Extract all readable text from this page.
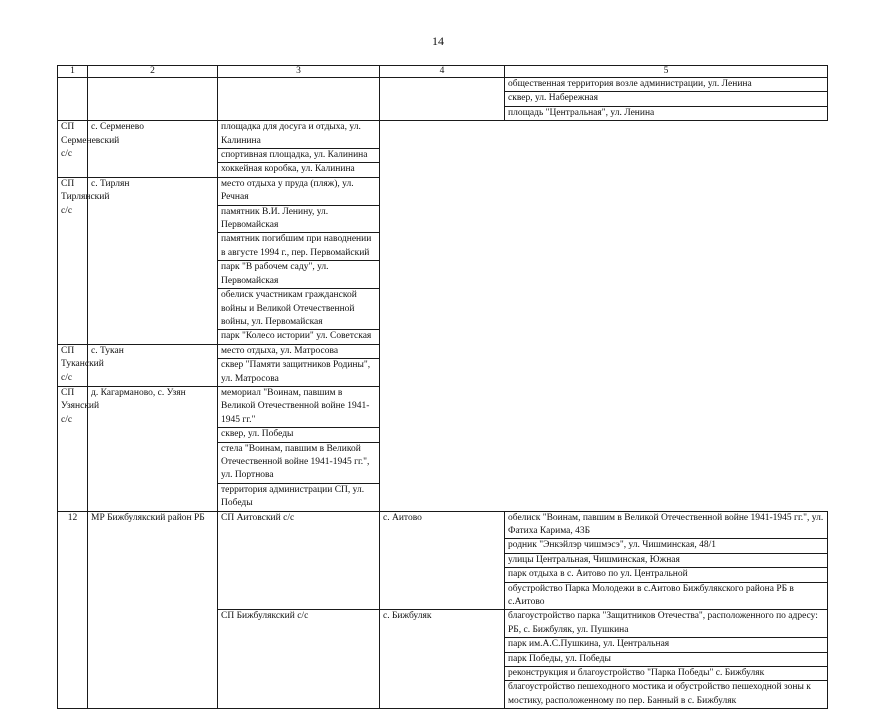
14
1	2	3	4	5
				общественная территория возле администрации, ул. Ленина
				сквер, ул. Набережная
				площадь "Центральная", ул. Ленина
СП Серменевский с/с	с. Серменево	площадка для досуга и отдыха, ул. Калинина		
		спортивная площадка, ул. Калинина		
		хоккейная коробка, ул. Калинина		
СП Тирлянский с/с	с. Тирлян	место отдыха у пруда (пляж), ул. Речная		
		памятник В.И. Ленину, ул. Первомайская		
		памятник погибшим при наводнении в августе 1994 г., пер. Первомайский		
		парк "В рабочем саду", ул. Первомайская		
		обелиск участникам гражданской войны и Великой Отечественной войны, ул. Первомайская		
		парк "Колесо истории" ул. Советская		
СП Туканский с/с	с. Тукан	место отдыха, ул. Матросова		
		сквер "Памяти защитников Родины", ул. Матросова		
СП Узянский с/с	д. Кагарманово, с. Узян	мемориал "Воинам, павшим в Великой Отечественной войне 1941-1945 гг."		
		сквер, ул. Победы		
		стела "Воинам, павшим в Великой Отечественной войне 1941-1945 гг.", ул. Портнова		
		территория администрации СП, ул. Победы		
12	МР Бижбулякский район РБ	СП Аитовский с/с	с. Аитово	обелиск "Воинам, павшим в Великой Отечественной войне 1941-1945 гг.", ул. Фатиха Карима, 43Б
				родник "Энкэйлэр чишмэсэ", ул. Чишминская, 48/1
				улицы Центральная, Чишминская, Южная
				парк отдыха в с. Аитово по ул. Центральной
				обустройство Парка Молодежи в с.Аитово Бижбулякского района РБ в с.Аитово
		СП Бижбулякский с/с	с. Бижбуляк	благоустройство парка "Защитников Отечества", расположенного по адресу: РБ, с. Бижбуляк, ул. Пушкина
				парк им.А.С.Пушкина, ул. Центральная
				парк Победы, ул. Победы
				реконструкция и благоустройство "Парка Победы" с. Бижбуляк
				благоустройство пешеходного мостика и обустройство пешеходной зоны к мостику, расположенному по пер. Банный в с. Бижбуляк
